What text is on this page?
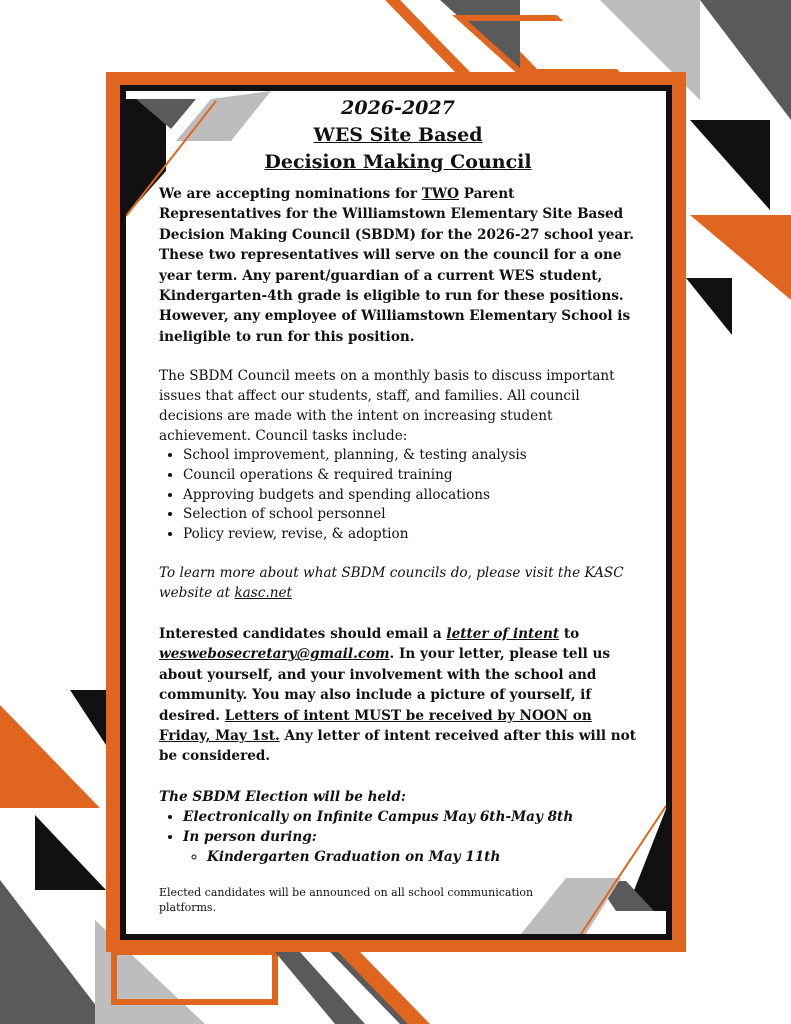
2026-2027
WES Site Based
Decision Making Council

We are accepting nominations for TWO Parent Representatives for the Williamstown Elementary Site Based Decision Making Council (SBDM) for the 2026-27 school year. These two representatives will serve on the council for a one year term. Any parent/guardian of a current WES student, Kindergarten-4th grade is eligible to run for these positions. However, any employee of Williamstown Elementary School is ineligible to run for this position.

The SBDM Council meets on a monthly basis to discuss important issues that affect our students, staff, and families. All council decisions are made with the intent on increasing student achievement. Council tasks include:

• School improvement, planning, & testing analysis
• Council operations & required training
• Approving budgets and spending allocations
• Selection of school personnel
• Policy review, revise, & adoption

To learn more about what SBDM councils do, please visit the KASC website at kasc.net

Interested candidates should email a letter of intent to weswebosecretary@gmail.com. In your letter, please tell us about yourself, and your involvement with the school and community. You may also include a picture of yourself, if desired. Letters of intent MUST be received by NOON on Friday, May 1st. Any letter of intent received after this will not be considered.

The SBDM Election will be held:

• Electronically on Infinite Campus May 6th-May 8th
• In person during:
◦ Kindergarten Graduation on May 11th

Elected candidates will be announced on all school communication platforms.
